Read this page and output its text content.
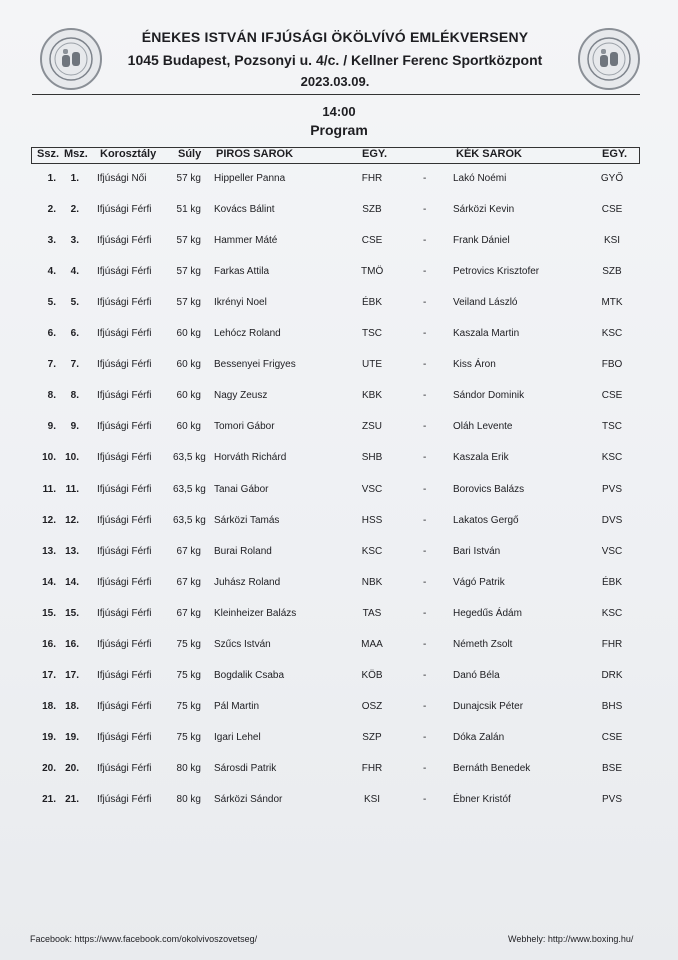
ÉNEKES ISTVÁN IFJÚSÁGI ÖKÖLVÍVÓ EMLÉKVERSENY
1045 Budapest, Pozsonyi u. 4/c. / Kellner Ferenc Sportközpont
2023.03.09.
14:00
Program
Ssz. Msz. Korosztály Súly PIROS SAROK	EGY.	KÉK SAROK	EGY.
1.	1. Ifjúsági Női	57 kg Hippeller Panna	FHR	-	Lakó Noémi	GYŐ
2.	2. Ifjúsági Férfi	51 kg Kovács Bálint	SZB	-	Sárközi Kevin	CSE
3.	3. Ifjúsági Férfi	57 kg Hammer Máté	CSE	-	Frank Dániel	KSI
4.	4. Ifjúsági Férfi	57 kg Farkas Attila	TMÖ	-	Petrovics Krisztofer	SZB
5.	5. Ifjúsági Férfi	57 kg Ikrényi Noel	ÉBK	-	Veiland László	MTK
6.	6. Ifjúsági Férfi	60 kg Lehócz Roland	TSC	-	Kaszala Martin	KSC
7.	7. Ifjúsági Férfi	60 kg Bessenyei Frigyes	UTE	-	Kiss Áron	FBO
8.	8. Ifjúsági Férfi	60 kg Nagy Zeusz	KBK	-	Sándor Dominik	CSE
9.	9. Ifjúsági Férfi	60 kg Tomori Gábor	ZSU	-	Oláh Levente	TSC
10. 10. Ifjúsági Férfi 63,5 kg Horváth Richárd	SHB	-	Kaszala Erik	KSC
11. 11. Ifjúsági Férfi 63,5 kg Tanai Gábor	VSC	-	Borovics Balázs	PVS
12. 12. Ifjúsági Férfi 63,5 kg Sárközi Tamás	HSS	-	Lakatos Gergő	DVS
13. 13. Ifjúsági Férfi	67 kg Burai Roland	KSC	-	Bari István	VSC
14. 14. Ifjúsági Férfi	67 kg Juhász Roland	NBK	-	Vágó Patrik	ÉBK
15. 15. Ifjúsági Férfi	67 kg Kleinheizer Balázs	TAS	-	Hegedűs Ádám	KSC
16. 16. Ifjúsági Férfi	75 kg Szűcs István	MAA	-	Németh Zsolt	FHR
17. 17. Ifjúsági Férfi	75 kg Bogdalik Csaba	KÖB	-	Danó Béla	DRK
18. 18. Ifjúsági Férfi	75 kg Pál Martin	OSZ	-	Dunajcsik Péter	BHS
19. 19. Ifjúsági Férfi	75 kg Igari Lehel	SZP	-	Dóka Zalán	CSE
20. 20. Ifjúsági Férfi	80 kg Sárosdi Patrik	FHR	-	Bernáth Benedek	BSE
21. 21. Ifjúsági Férfi	80 kg Sárközi Sándor	KSI	-	Ébner Kristóf	PVS
Facebook: https://www.facebook.com/okolvivoszovetseg/	Webhely: http://www.boxing.hu/
